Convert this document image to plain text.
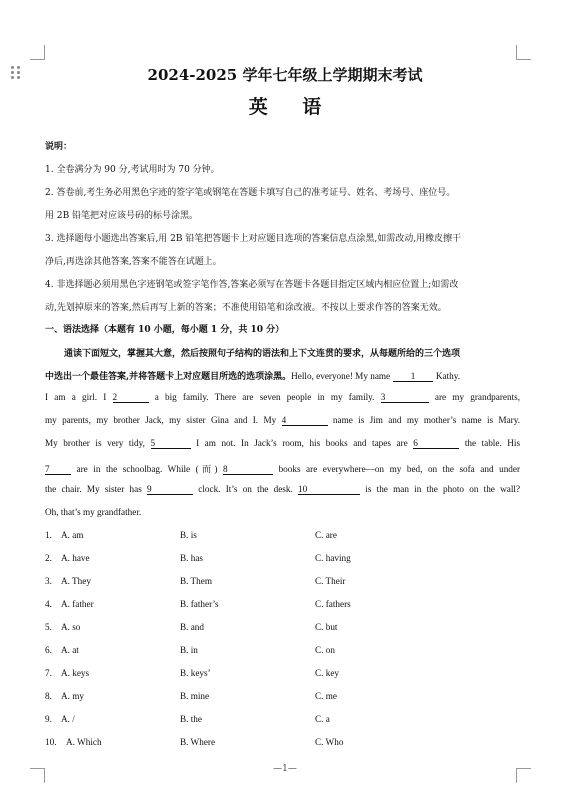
2024-2025 学年七年级上学期期末考试
英 语
说明：
1. 全卷满分为 90 分,考试用时为 70 分钟。
2. 答卷前,考生务必用黑色字迹的签字笔或钢笔在答题卡填写自己的准考证号、姓名、考场号、座位号。
用 2B 铅笔把对应该号码的标号涂黑。
3. 选择题每小题选出答案后,用 2B 铅笔把答题卡上对应题目选项的答案信息点涂黑,如需改动,用橡皮擦干
净后,再选涂其他答案,答案不能答在试题上。
4. 非选择题必须用黑色字迹钢笔或签字笔作答,答案必须写在答题卡各题目指定区域内相应位置上;如需改
动,先划掉原来的答案,然后再写上新的答案；不准使用铅笔和涂改液。不按以上要求作答的答案无效。
一、语法选择（本题有 10 小题，每小题 1 分，共 10 分）
通读下面短文，掌握其大意，然后按照句子结构的语法和上下文连贯的要求，从每题所给的三个选项
中选出一个最佳答案,并将答题卡上对应题目所选的选项涂黑。Hello, everyone! My name 1 Kathy.
I am a girl. I 2	a big family. There are seven people in my family. 3	are my grandparents,
my parents, my brother Jack, my sister Gina and I. My 4	name is Jim and my mother’s name is Mary.
My brother is very tidy, 5	I am not. In Jack’s room, his books and tapes are 6	the table. His
7	are in the schoolbag. While (而) 8	books are everywhere—on my bed, on the sofa and under
the chair. My sister has 9	clock. It’s on the desk. 10	is the man in the photo on the wall?
Oh, that’s my grandfather.
1. A. am	B. is	C. are
2. A. have	B. has	C. having
3. A. They	B. Them	C. Their
4. A. father	B. father’s	C. fathers
5. A. so	B. and	C. but
6. A. at	B. in	C. on
7. A. keys	B. keys’	C. key
8. A. my	B. mine	C. me
9. A. /	B. the	C. a
10. A. Which	B. Where	C. Who
—1—
